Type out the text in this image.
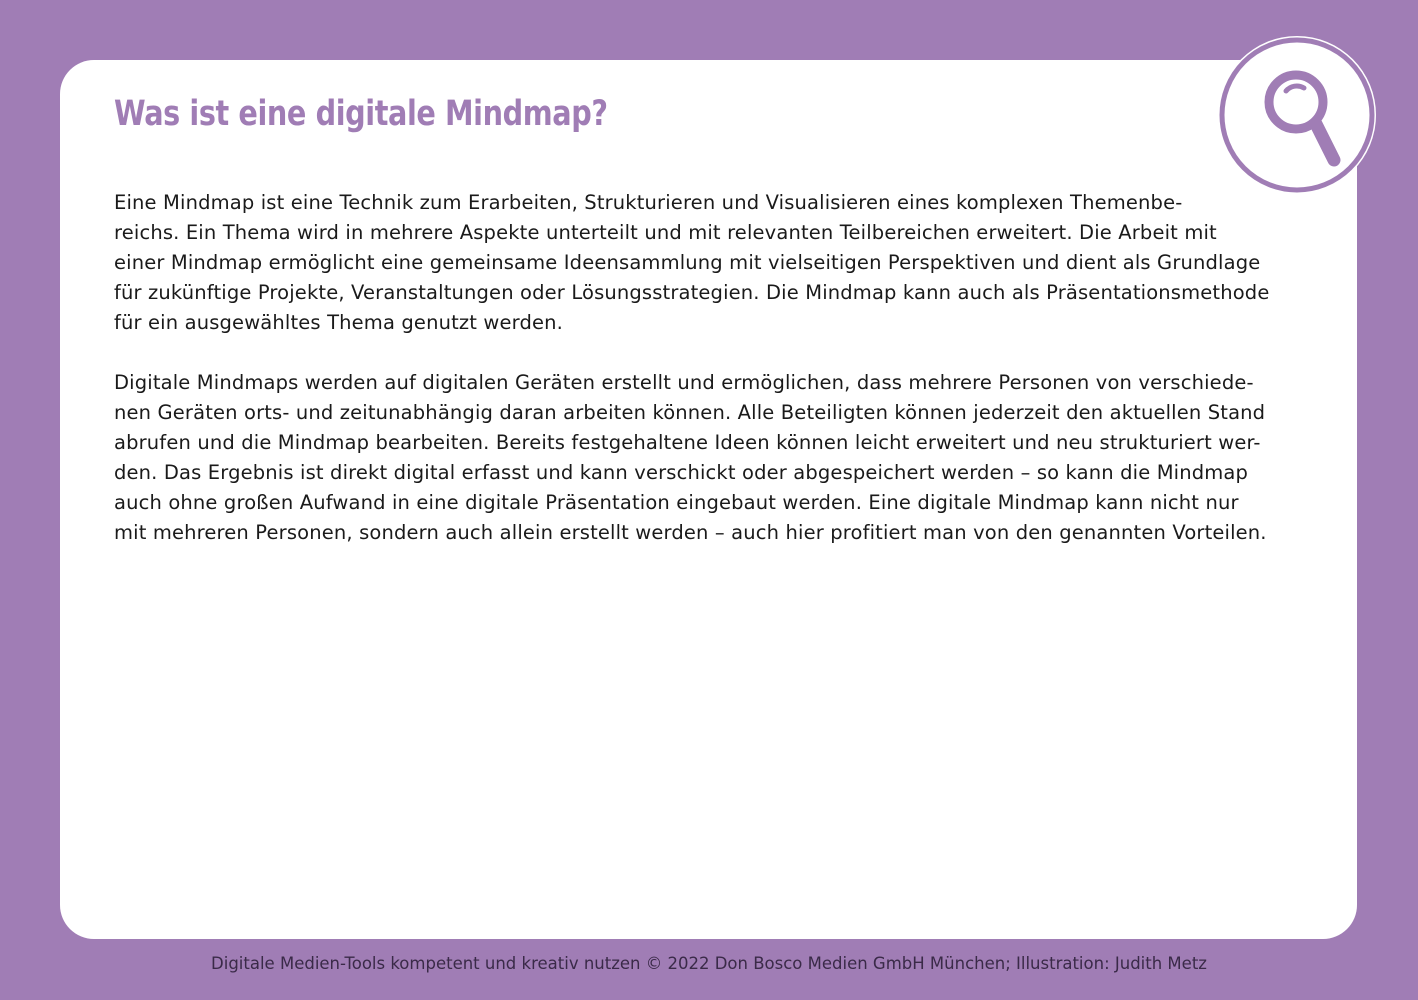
Was ist eine digitale Mindmap?

Eine Mindmap ist eine Technik zum Erarbeiten, Strukturieren und Visualisieren eines komplexen Themenbe-
reichs. Ein Thema wird in mehrere Aspekte unterteilt und mit relevanten Teilbereichen erweitert. Die Arbeit mit
einer Mindmap ermöglicht eine gemeinsame Ideensammlung mit vielseitigen Perspektiven und dient als Grundlage
für zukünftige Projekte, Veranstaltungen oder Lösungsstrategien. Die Mindmap kann auch als Präsentationsmethode
für ein ausgewähltes Thema genutzt werden.

Digitale Mindmaps werden auf digitalen Geräten erstellt und ermöglichen, dass mehrere Personen von verschiede-
nen Geräten orts- und zeitunabhängig daran arbeiten können. Alle Beteiligten können jederzeit den aktuellen Stand
abrufen und die Mindmap bearbeiten. Bereits festgehaltene Ideen können leicht erweitert und neu strukturiert wer-
den. Das Ergebnis ist direkt digital erfasst und kann verschickt oder abgespeichert werden – so kann die Mindmap
auch ohne großen Aufwand in eine digitale Präsentation eingebaut werden. Eine digitale Mindmap kann nicht nur
mit mehreren Personen, sondern auch allein erstellt werden – auch hier profitiert man von den genannten Vorteilen.

Digitale Medien-Tools kompetent und kreativ nutzen © 2022 Don Bosco Medien GmbH München; Illustration: Judith Metz
